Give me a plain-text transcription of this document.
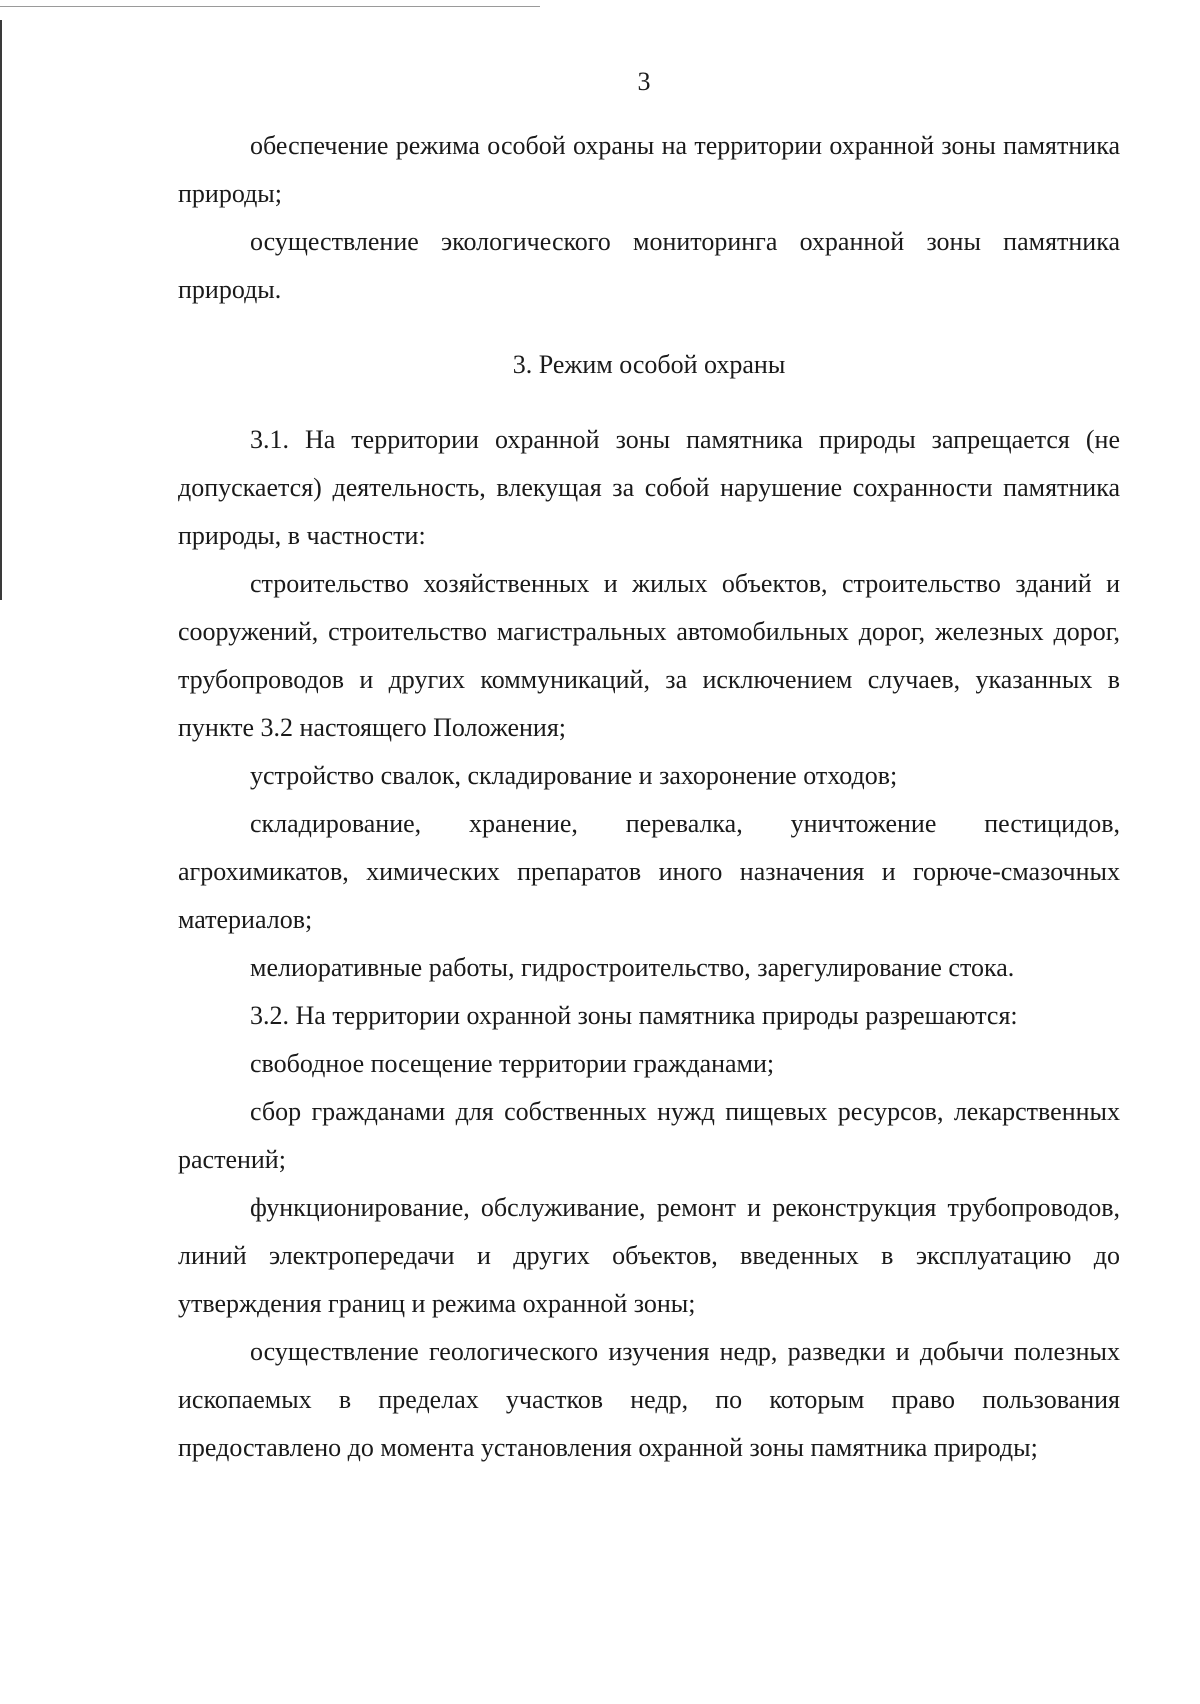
3

обеспечение режима особой охраны на территории охранной зоны памятника природы;

осуществление экологического мониторинга охранной зоны памятника природы.

3. Режим особой охраны

3.1. На территории охранной зоны памятника природы запрещается (не допускается) деятельность, влекущая за собой нарушение сохранности памятника природы, в частности:

строительство хозяйственных и жилых объектов, строительство зданий и сооружений, строительство магистральных автомобильных дорог, железных дорог, трубопроводов и других коммуникаций, за исключением случаев, указанных в пункте 3.2 настоящего Положения;

устройство свалок, складирование и захоронение отходов;

складирование, хранение, перевалка, уничтожение пестицидов, агрохимикатов, химических препаратов иного назначения и горюче-смазочных материалов;

мелиоративные работы, гидростроительство, зарегулирование стока.

3.2. На территории охранной зоны памятника природы разрешаются:

свободное посещение территории гражданами;

сбор гражданами для собственных нужд пищевых ресурсов, лекарственных растений;

функционирование, обслуживание, ремонт и реконструкция трубопроводов, линий электропередачи и других объектов, введенных в эксплуатацию до утверждения границ и режима охранной зоны;

осуществление геологического изучения недр, разведки и добычи полезных ископаемых в пределах участков недр, по которым право пользования предоставлено до момента установления охранной зоны памятника природы;
